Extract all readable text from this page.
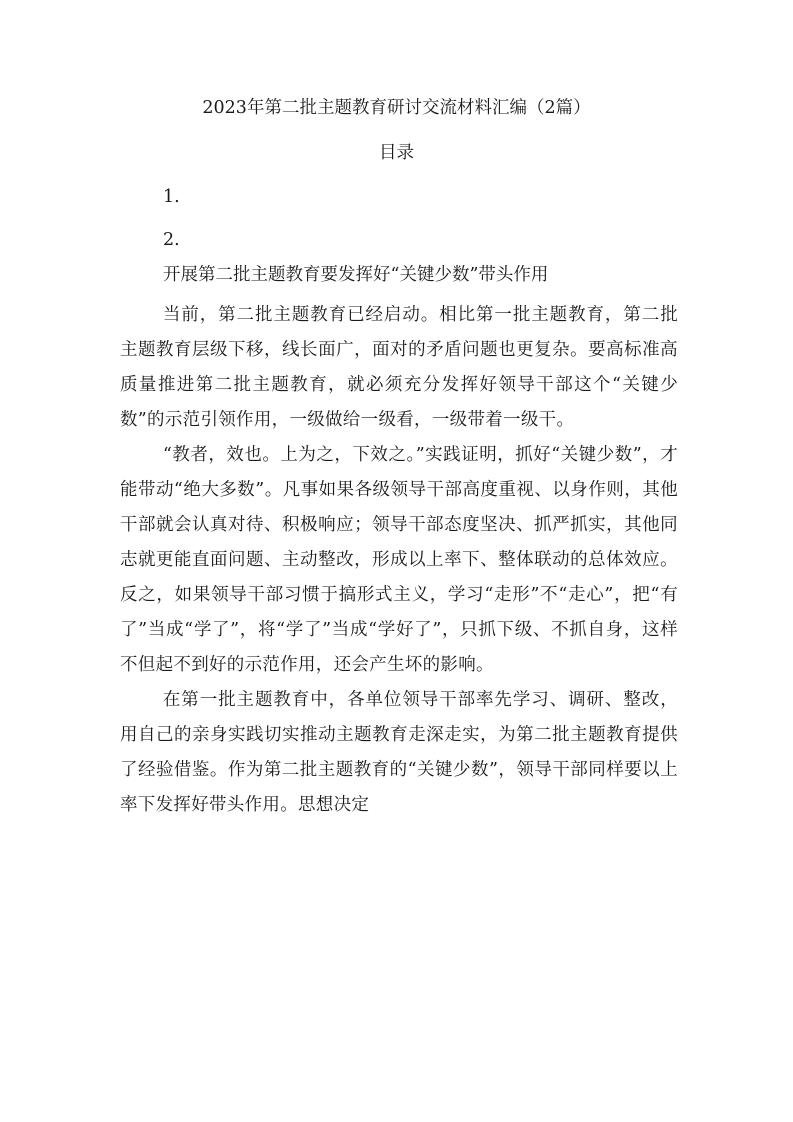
2023年第二批主题教育研讨交流材料汇编（2篇）
目录
1.
2.
开展第二批主题教育要发挥好“关键少数”带头作用

当前，第二批主题教育已经启动。相比第一批主题教育，第二批主题教育层级下移，线长面广，面对的矛盾问题也更复杂。要高标准高质量推进第二批主题教育，就必须充分发挥好领导干部这个“关键少数”的示范引领作用，一级做给一级看，一级带着一级干。

“教者，效也。上为之，下效之。”实践证明，抓好“关键少数”，才能带动“绝大多数”。凡事如果各级领导干部高度重视、以身作则，其他干部就会认真对待、积极响应；领导干部态度坚决、抓严抓实，其他同志就更能直面问题、主动整改，形成以上率下、整体联动的总体效应。反之，如果领导干部习惯于搞形式主义，学习“走形”不“走心”，把“有了”当成“学了”，将“学了”当成“学好了”，只抓下级、不抓自身，这样不但起不到好的示范作用，还会产生坏的影响。

在第一批主题教育中，各单位领导干部率先学习、调研、整改，用自己的亲身实践切实推动主题教育走深走实，为第二批主题教育提供了经验借鉴。作为第二批主题教育的“关键少数”，领导干部同样要以上率下发挥好带头作用。思想决定
